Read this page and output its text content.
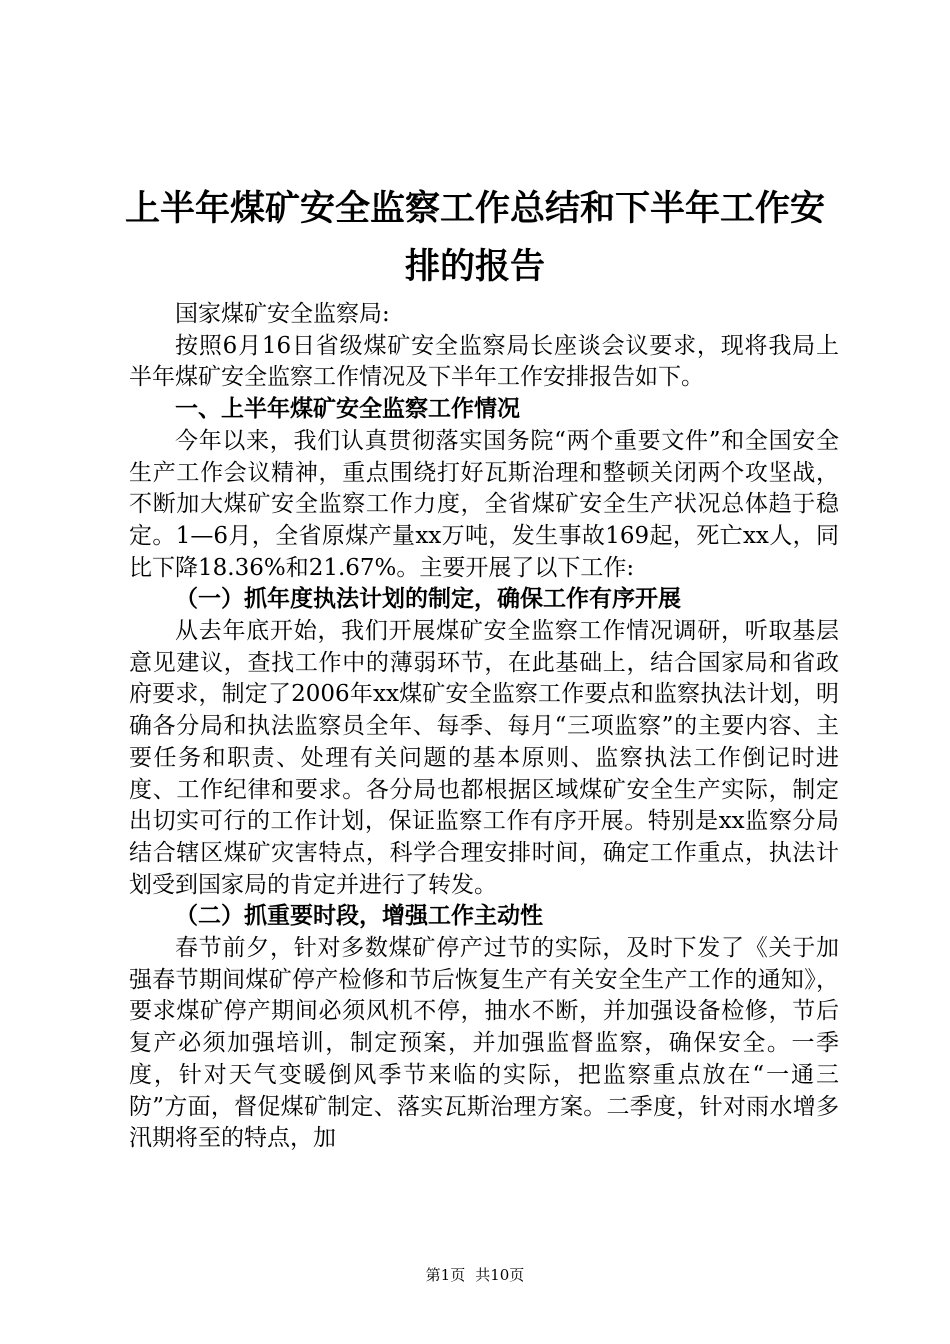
上半年煤矿安全监察工作总结和下半年工作安
排的报告

国家煤矿安全监察局:

按照6月16日省级煤矿安全监察局长座谈会议要求，现将我局上半年煤矿安全监察工作情况及下半年工作安排报告如下。

一、上半年煤矿安全监察工作情况

今年以来，我们认真贯彻落实国务院“两个重要文件”和全国安全生产工作会议精神，重点围绕打好瓦斯治理和整顿关闭两个攻坚战，不断加大煤矿安全监察工作力度，全省煤矿安全生产状况总体趋于稳定。1—6月，全省原煤产量xx万吨，发生事故169起，死亡xx人，同比下降18.36%和21.67%。主要开展了以下工作:

（一）抓年度执法计划的制定，确保工作有序开展

从去年底开始，我们开展煤矿安全监察工作情况调研，听取基层意见建议，查找工作中的薄弱环节，在此基础上，结合国家局和省政府要求，制定了2006年xx煤矿安全监察工作要点和监察执法计划，明确各分局和执法监察员全年、每季、每月“三项监察”的主要内容、主要任务和职责、处理有关问题的基本原则、监察执法工作倒记时进度、工作纪律和要求。各分局也都根据区域煤矿安全生产实际，制定出切实可行的工作计划，保证监察工作有序开展。特别是xx监察分局结合辖区煤矿灾害特点，科学合理安排时间，确定工作重点，执法计划受到国家局的肯定并进行了转发。

（二）抓重要时段，增强工作主动性

春节前夕，针对多数煤矿停产过节的实际，及时下发了《关于加强春节期间煤矿停产检修和节后恢复生产有关安全生产工作的通知》，要求煤矿停产期间必须风机不停，抽水不断，并加强设备检修，节后复产必须加强培训，制定预案，并加强监督监察，确保安全。一季度，针对天气变暖倒风季节来临的实际，把监察重点放在“一通三防”方面，督促煤矿制定、落实瓦斯治理方案。二季度，针对雨水增多汛期将至的特点，加

第1页 共10页
